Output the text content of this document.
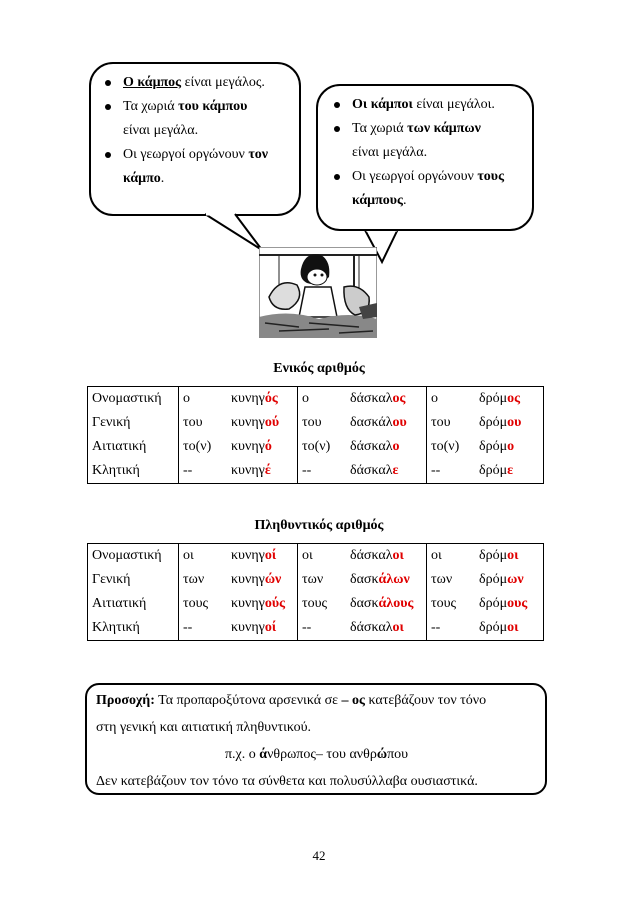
Ο κάμπος είναι μεγάλος.
Τα χωριά του κάμπου
είναι μεγάλα.
Οι γεωργοί οργώνουν τον
κάμπο.
Οι κάμποι είναι μεγάλοι.
Τα χωριά των κάμπων
είναι μεγάλα.
Οι γεωργοί οργώνουν τους
κάμπους.
Ενικός αριθμός
Ονομαστική	ο	κυνηγός	ο	δάσκαλος	ο	δρόμος
Γενική	του	κυνηγού	του	δασκάλου	του	δρόμου
Αιτιατική	το(ν)	κυνηγό	το(ν)	δάσκαλο	το(ν)	δρόμο
Κλητική	--	κυνηγέ	--	δάσκαλε	--	δρόμε
Πληθυντικός αριθμός
Ονομαστική	οι	κυνηγοί	οι	δάσκαλοι	οι	δρόμοι
Γενική	των	κυνηγών	των	δασκάλων	των	δρόμων
Αιτιατική	τους	κυνηγούς	τους	δασκάλους	τους	δρόμους
Κλητική	--	κυνηγοί	--	δάσκαλοι	--	δρόμοι
Προσοχή: Τα προπαροξύτονα αρσενικά σε – ος κατεβάζουν τον τόνο
στη γενική και αιτιατική πληθυντικού.
π.χ. ο άνθρωπος– του ανθρώπου
Δεν κατεβάζουν τον τόνο τα σύνθετα και πολυσύλλαβα ουσιαστικά.
42
